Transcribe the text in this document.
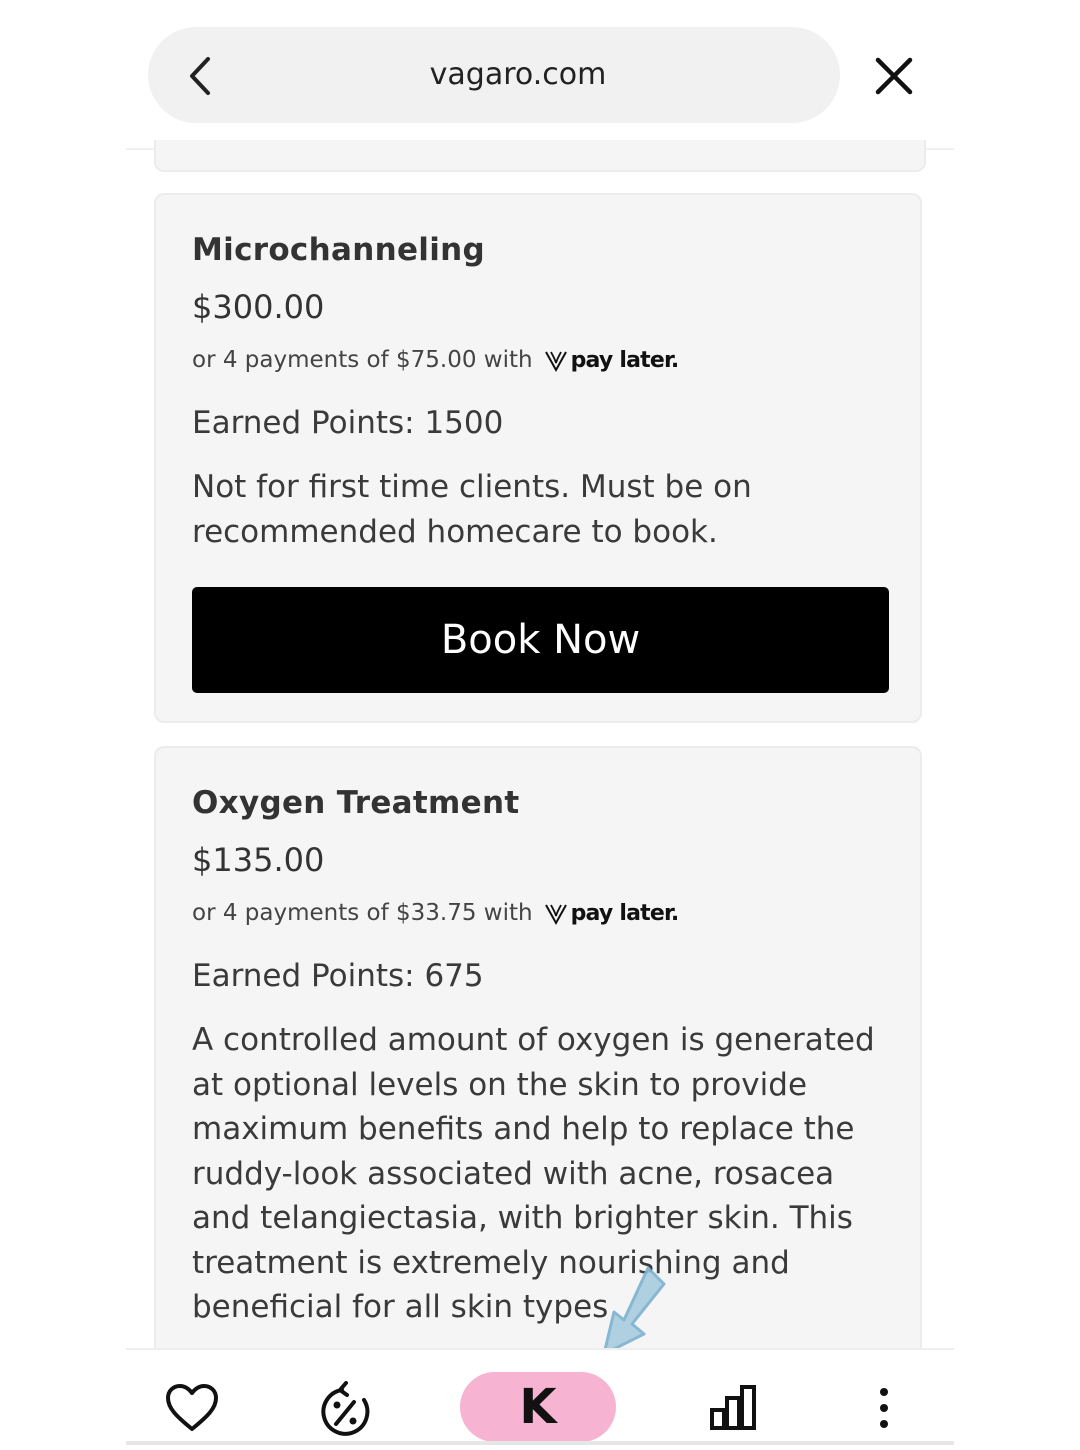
vagaro.com
Microchanneling
$300.00
or 4 payments of $75.00 with pay later.
Earned Points: 1500
Not for first time clients. Must be on
recommended homecare to book.
Book Now
Oxygen Treatment
$135.00
or 4 payments of $33.75 with pay later.
Earned Points: 675
A controlled amount of oxygen is generated
at optional levels on the skin to provide
maximum benefits and help to replace the
ruddy-look associated with acne, rosacea
and telangiectasia, with brighter skin. This
treatment is extremely nourishing and
beneficial for all skin types
K
